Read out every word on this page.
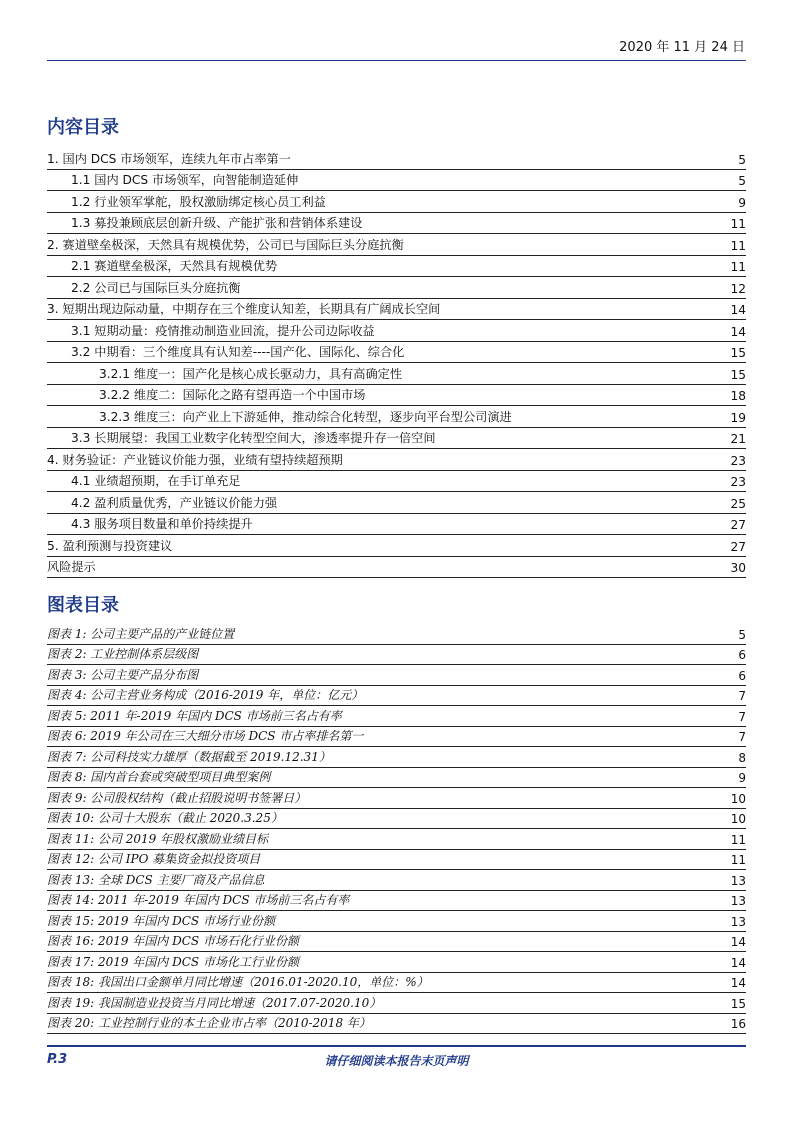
2020 年 11 月 24 日
内容目录
1. 国内 DCS 市场领军，连续九年市占率第一	5
1.1 国内 DCS 市场领军，向智能制造延伸	5
1.2 行业领军掌舵，股权激励绑定核心员工利益	9
1.3 募投兼顾底层创新升级、产能扩张和营销体系建设	11
2. 赛道壁垒极深，天然具有规模优势，公司已与国际巨头分庭抗衡	11
2.1 赛道壁垒极深，天然具有规模优势	11
2.2 公司已与国际巨头分庭抗衡	12
3. 短期出现边际动量，中期存在三个维度认知差，长期具有广阔成长空间	14
3.1 短期动量：疫情推动制造业回流，提升公司边际收益	14
3.2 中期看：三个维度具有认知差----国产化、国际化、综合化	15
3.2.1 维度一：国产化是核心成长驱动力，具有高确定性	15
3.2.2 维度二：国际化之路有望再造一个中国市场	18
3.2.3 维度三：向产业上下游延伸，推动综合化转型，逐步向平台型公司演进	19
3.3 长期展望：我国工业数字化转型空间大，渗透率提升存一倍空间	21
4. 财务验证：产业链议价能力强，业绩有望持续超预期	23
4.1 业绩超预期，在手订单充足	23
4.2 盈利质量优秀，产业链议价能力强	25
4.3 服务项目数量和单价持续提升	27
5. 盈利预测与投资建议	27
风险提示	30
图表目录
图表 1: 公司主要产品的产业链位置	5
图表 2: 工业控制体系层级图	6
图表 3: 公司主要产品分布图	6
图表 4: 公司主营业务构成（2016-2019 年，单位：亿元）	7
图表 5: 2011 年-2019 年国内 DCS 市场前三名占有率	7
图表 6: 2019 年公司在三大细分市场 DCS 市占率排名第一	7
图表 7: 公司科技实力雄厚（数据截至 2019.12.31）	8
图表 8: 国内首台套或突破型项目典型案例	9
图表 9: 公司股权结构（截止招股说明书签署日）	10
图表 10: 公司十大股东（截止 2020.3.25）	10
图表 11: 公司 2019 年股权激励业绩目标	11
图表 12: 公司 IPO 募集资金拟投资项目	11
图表 13: 全球 DCS 主要厂商及产品信息	13
图表 14: 2011 年-2019 年国内 DCS 市场前三名占有率	13
图表 15: 2019 年国内 DCS 市场行业份额	13
图表 16: 2019 年国内 DCS 市场石化行业份额	14
图表 17: 2019 年国内 DCS 市场化工行业份额	14
图表 18: 我国出口金额单月同比增速（2016.01-2020.10，单位：%）	14
图表 19: 我国制造业投资当月同比增速（2017.07-2020.10）	15
图表 20: 工业控制行业的本土企业市占率（2010-2018 年）	16
P.3	请仔细阅读本报告末页声明
